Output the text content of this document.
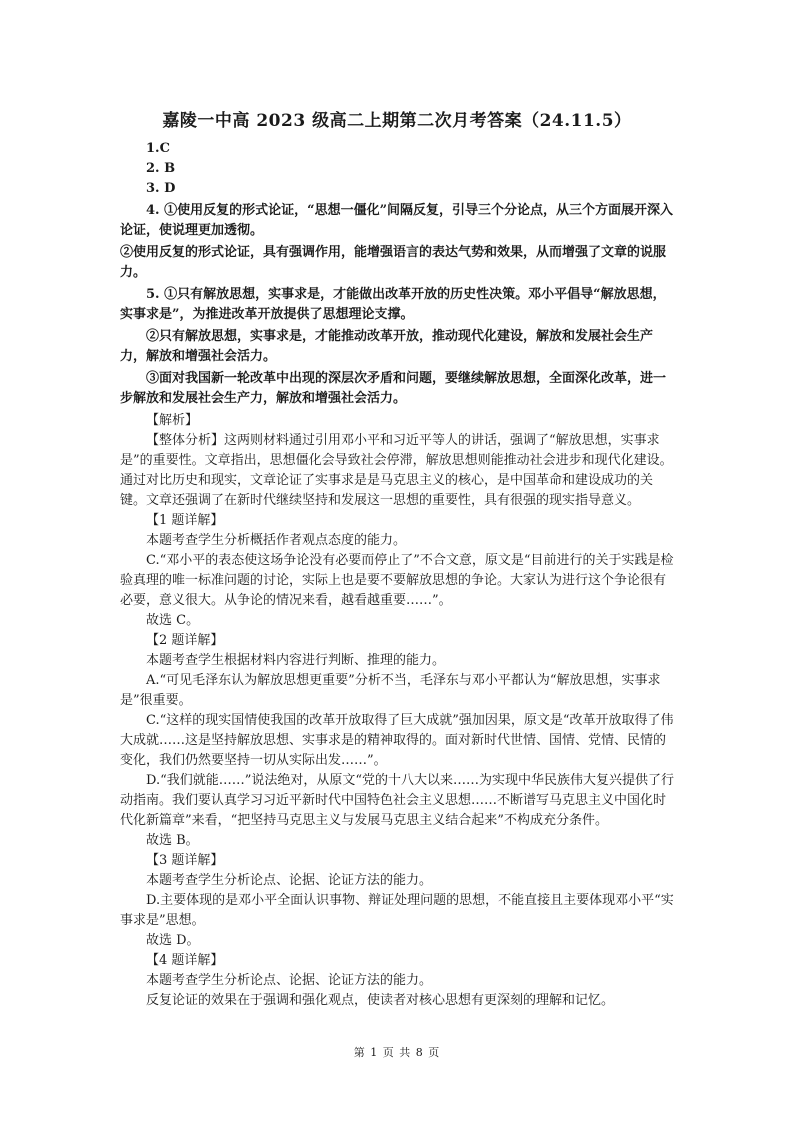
嘉陵一中高 2023 级高二上期第二次月考答案（24.11.5）

1.C

2. B

3. D

4. ①使用反复的形式论证，“思想一僵化”间隔反复，引导三个分论点，从三个方面展开深入论证，使说理更加透彻。

②使用反复的形式论证，具有强调作用，能增强语言的表达气势和效果，从而增强了文章的说服力。

5. ①只有解放思想，实事求是，才能做出改革开放的历史性决策。邓小平倡导“解放思想，实事求是”，为推进改革开放提供了思想理论支撑。

②只有解放思想，实事求是，才能推动改革开放，推动现代化建设，解放和发展社会生产力，解放和增强社会活力。

③面对我国新一轮改革中出现的深层次矛盾和问题，要继续解放思想，全面深化改革，进一步解放和发展社会生产力，解放和增强社会活力。

【解析】

【整体分析】这两则材料通过引用邓小平和习近平等人的讲话，强调了“解放思想，实事求是”的重要性。文章指出，思想僵化会导致社会停滞，解放思想则能推动社会进步和现代化建设。通过对比历史和现实，文章论证了实事求是是马克思主义的核心，是中国革命和建设成功的关键。文章还强调了在新时代继续坚持和发展这一思想的重要性，具有很强的现实指导意义。

【1 题详解】

本题考查学生分析概括作者观点态度的能力。

C.“邓小平的表态使这场争论没有必要而停止了”不合文意，原文是“目前进行的关于实践是检验真理的唯一标准问题的讨论，实际上也是要不要解放思想的争论。大家认为进行这个争论很有必要，意义很大。从争论的情况来看，越看越重要……”。

故选 C。

【2 题详解】

本题考查学生根据材料内容进行判断、推理的能力。

A.“可见毛泽东认为解放思想更重要”分析不当，毛泽东与邓小平都认为“解放思想，实事求是”很重要。

C.“这样的现实国情使我国的改革开放取得了巨大成就”强加因果，原文是“改革开放取得了伟大成就……这是坚持解放思想、实事求是的精神取得的。面对新时代世情、国情、党情、民情的变化，我们仍然要坚持一切从实际出发……”。

D.“我们就能……”说法绝对，从原文“党的十八大以来……为实现中华民族伟大复兴提供了行动指南。我们要认真学习习近平新时代中国特色社会主义思想……不断谱写马克思主义中国化时代化新篇章”来看，“把坚持马克思主义与发展马克思主义结合起来”不构成充分条件。

故选 B。

【3 题详解】

本题考查学生分析论点、论据、论证方法的能力。

D.主要体现的是邓小平全面认识事物、辩证处理问题的思想，不能直接且主要体现邓小平“实事求是”思想。

故选 D。

【4 题详解】

本题考查学生分析论点、论据、论证方法的能力。

反复论证的效果在于强调和强化观点，使读者对核心思想有更深刻的理解和记忆。

第 1 页 共 8 页
